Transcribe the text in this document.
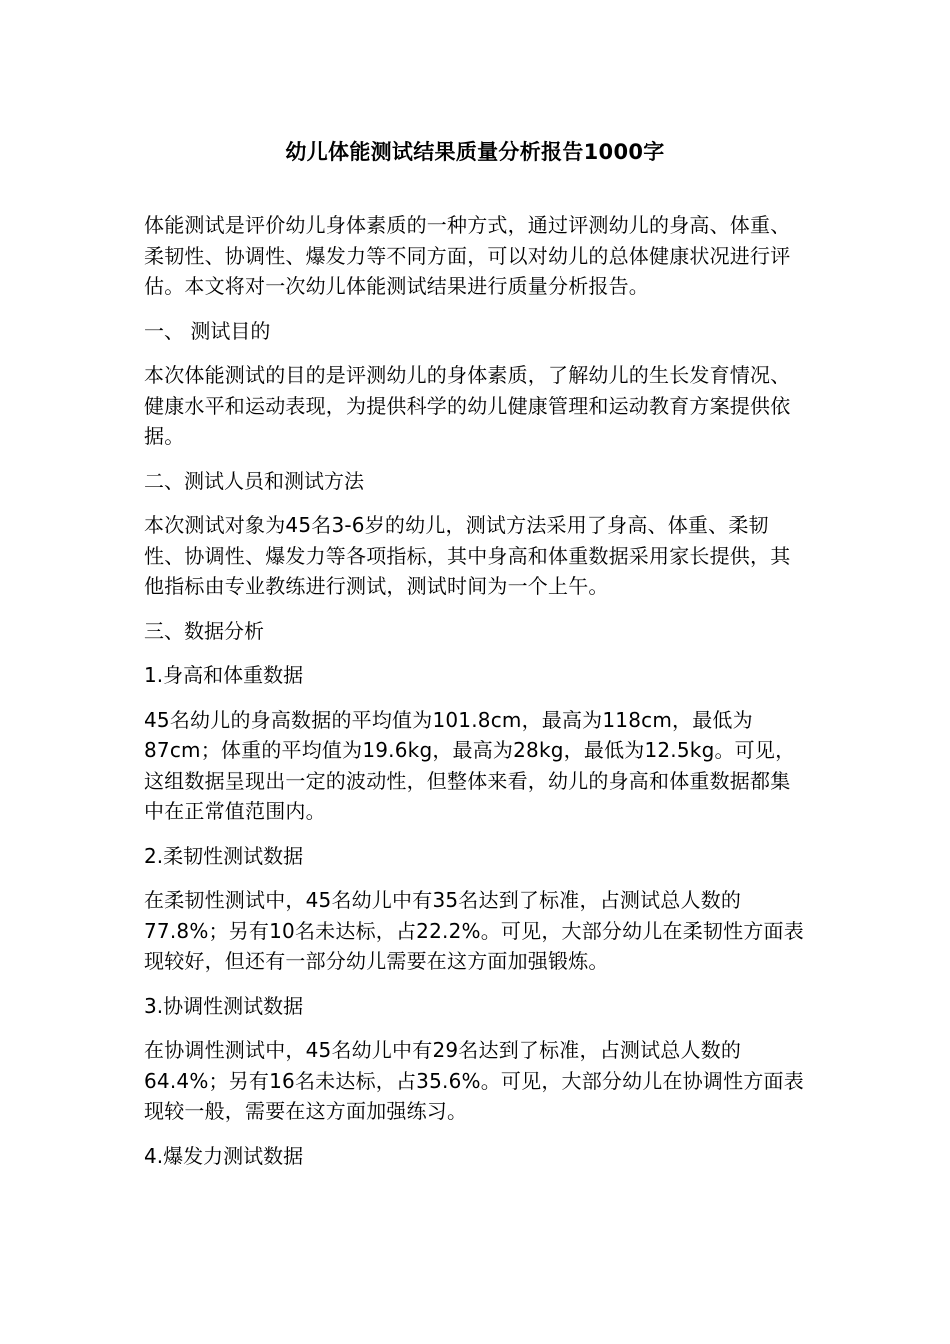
幼儿体能测试结果质量分析报告1000字

体能测试是评价幼儿身体素质的一种方式，通过评测幼儿的身高、体重、柔韧性、协调性、爆发力等不同方面，可以对幼儿的总体健康状况进行评估。本文将对一次幼儿体能测试结果进行质量分析报告。

一、 测试目的

本次体能测试的目的是评测幼儿的身体素质，了解幼儿的生长发育情况、健康水平和运动表现，为提供科学的幼儿健康管理和运动教育方案提供依据。

二、测试人员和测试方法

本次测试对象为45名3-6岁的幼儿，测试方法采用了身高、体重、柔韧性、协调性、爆发力等各项指标，其中身高和体重数据采用家长提供，其他指标由专业教练进行测试，测试时间为一个上午。

三、数据分析

1.身高和体重数据

45名幼儿的身高数据的平均值为101.8cm，最高为118cm，最低为87cm；体重的平均值为19.6kg，最高为28kg，最低为12.5kg。可见，这组数据呈现出一定的波动性，但整体来看，幼儿的身高和体重数据都集中在正常值范围内。

2.柔韧性测试数据

在柔韧性测试中，45名幼儿中有35名达到了标准，占测试总人数的77.8%；另有10名未达标，占22.2%。可见，大部分幼儿在柔韧性方面表现较好，但还有一部分幼儿需要在这方面加强锻炼。

3.协调性测试数据

在协调性测试中，45名幼儿中有29名达到了标准，占测试总人数的64.4%；另有16名未达标，占35.6%。可见，大部分幼儿在协调性方面表现较一般，需要在这方面加强练习。

4.爆发力测试数据
